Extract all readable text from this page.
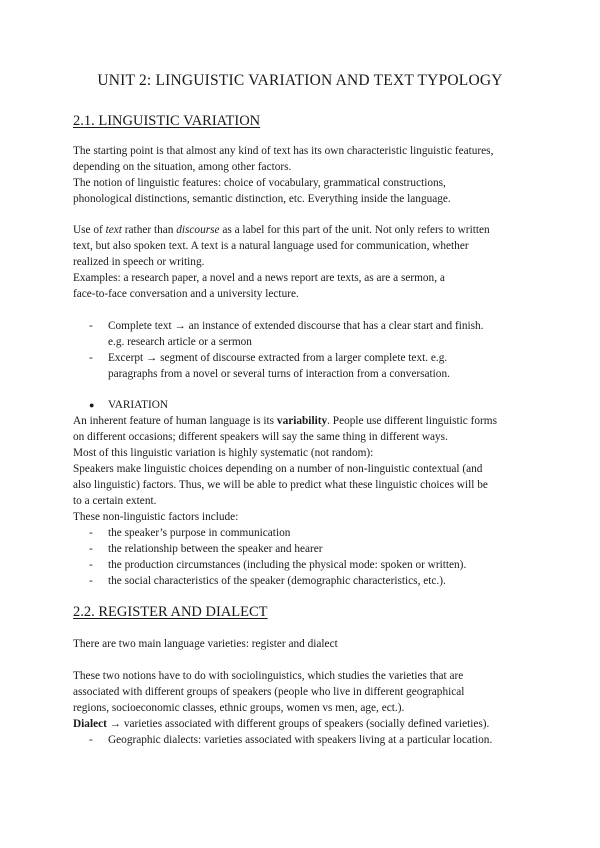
UNIT 2: LINGUISTIC VARIATION AND TEXT TYPOLOGY
2.1. LINGUISTIC VARIATION

The starting point is that almost any kind of text has its own characteristic linguistic features,

depending on the situation, among other factors.

The notion of linguistic features: choice of vocabulary, grammatical constructions,

phonological distinctions, semantic distinction, etc. Everything inside the language.

Use of text rather than discourse as a label for this part of the unit. Not only refers to written

text, but also spoken text. A text is a natural language used for communication, whether

realized in speech or writing.

Examples: a research paper, a novel and a news report are texts, as are a sermon, a

face-to-face conversation and a university lecture.

- Complete text → an instance of extended discourse that has a clear start and finish.

e.g. research article or a sermon

- Excerpt → segment of discourse extracted from a larger complete text. e.g.

paragraphs from a novel or several turns of interaction from a conversation.

● VARIATION

An inherent feature of human language is its variability. People use different linguistic forms

on different occasions; different speakers will say the same thing in different ways.

Most of this linguistic variation is highly systematic (not random):

Speakers make linguistic choices depending on a number of non-linguistic contextual (and

also linguistic) factors. Thus, we will be able to predict what these linguistic choices will be

to a certain extent.

These non-linguistic factors include:

- the speaker’s purpose in communication

- the relationship between the speaker and hearer

- the production circumstances (including the physical mode: spoken or written).

- the social characteristics of the speaker (demographic characteristics, etc.).

2.2. REGISTER AND DIALECT

There are two main language varieties: register and dialect

These two notions have to do with sociolinguistics, which studies the varieties that are

associated with different groups of speakers (people who live in different geographical

regions, socioeconomic classes, ethnic groups, women vs men, age, ect.).

Dialect → varieties associated with different groups of speakers (socially defined varieties).

- Geographic dialects: varieties associated with speakers living at a particular location.
